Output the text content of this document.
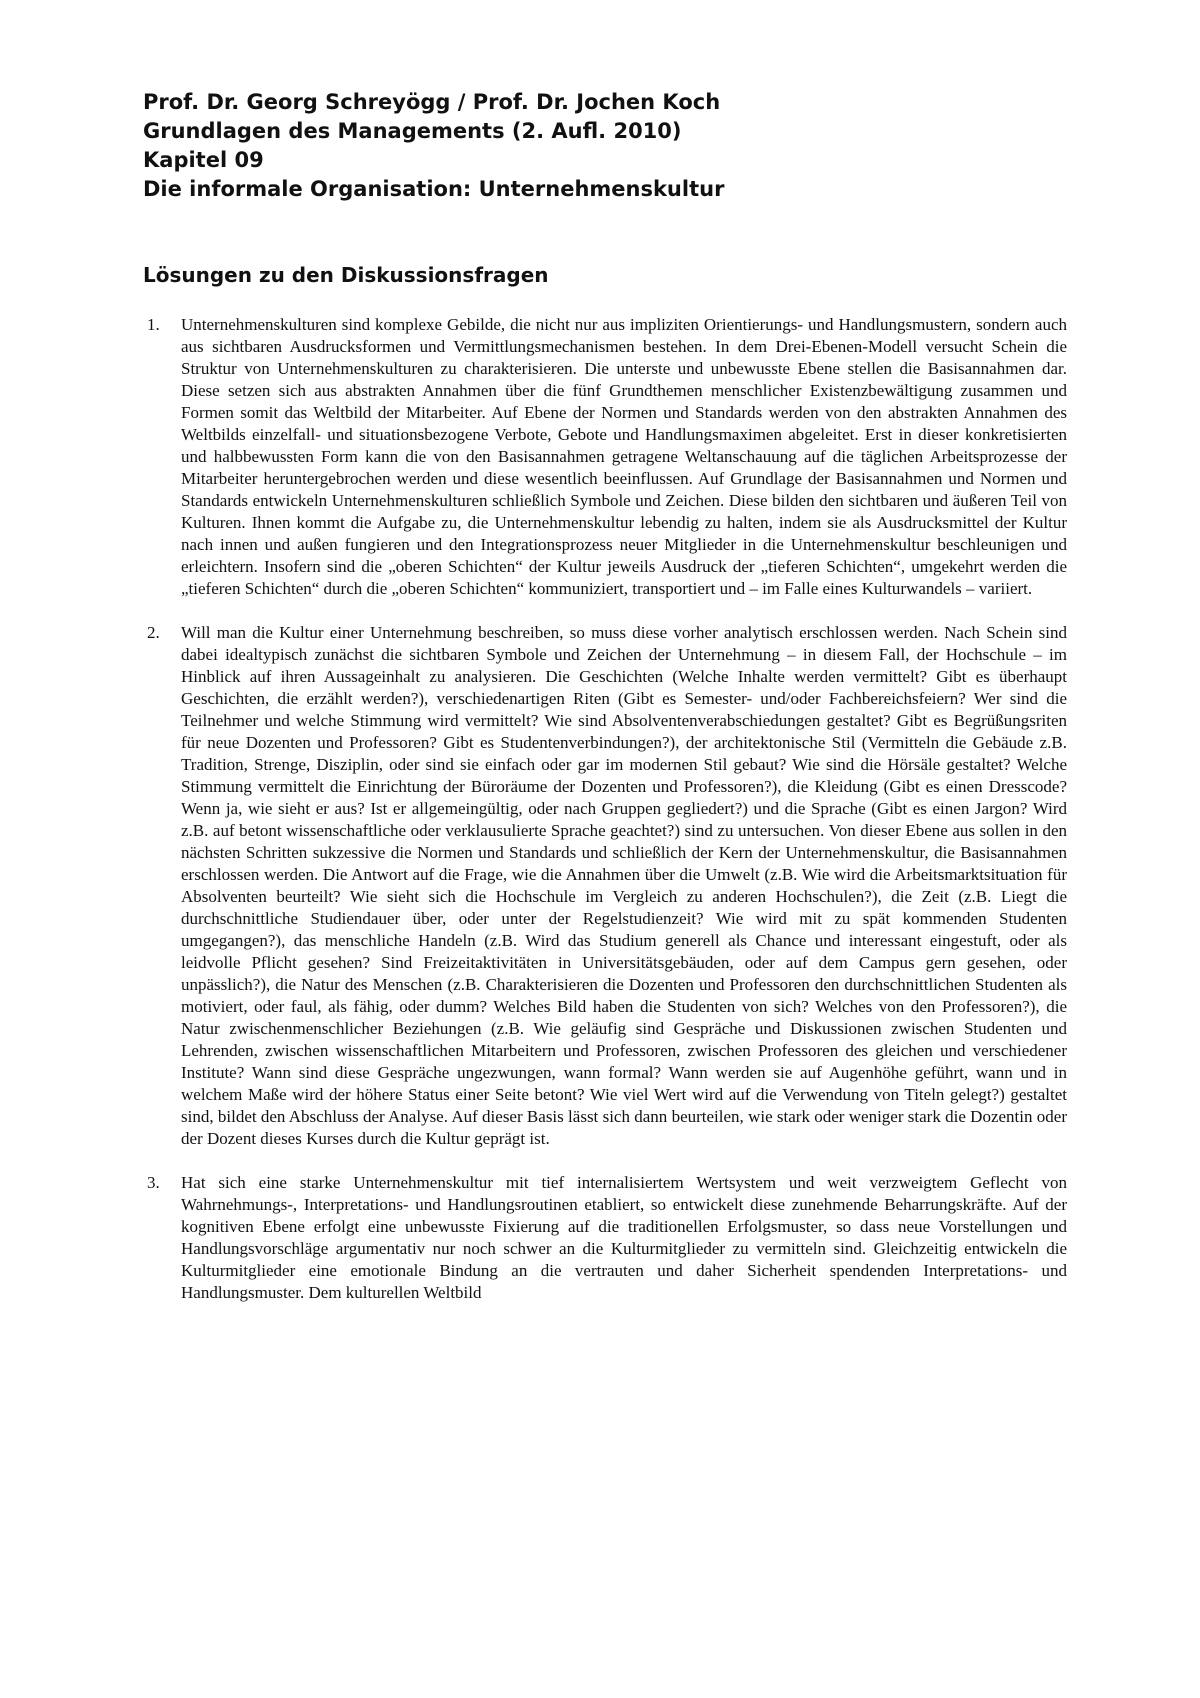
Prof. Dr. Georg Schreyögg / Prof. Dr. Jochen Koch
Grundlagen des Managements (2. Aufl. 2010)
Kapitel 09
Die informale Organisation: Unternehmenskultur
Lösungen zu den Diskussionsfragen
1. Unternehmenskulturen sind komplexe Gebilde, die nicht nur aus impliziten Orientierungs- und Handlungsmustern, sondern auch aus sichtbaren Ausdrucksformen und Vermittlungsmechanismen bestehen. In dem Drei-Ebenen-Modell versucht Schein die Struktur von Unternehmenskulturen zu charakterisieren. Die unterste und unbewusste Ebene stellen die Basisannahmen dar. Diese setzen sich aus abstrakten Annahmen über die fünf Grundthemen menschlicher Existenzbewältigung zusammen und Formen somit das Weltbild der Mitarbeiter. Auf Ebene der Normen und Standards werden von den abstrakten Annahmen des Weltbilds einzelfall- und situationsbezogene Verbote, Gebote und Handlungsmaximen abgeleitet. Erst in dieser konkretisierten und halbbewussten Form kann die von den Basisannahmen getragene Weltanschauung auf die täglichen Arbeitsprozesse der Mitarbeiter heruntergebrochen werden und diese wesentlich beeinflussen. Auf Grundlage der Basisannahmen und Normen und Standards entwickeln Unternehmenskulturen schließlich Symbole und Zeichen. Diese bilden den sichtbaren und äußeren Teil von Kulturen. Ihnen kommt die Aufgabe zu, die Unternehmenskultur lebendig zu halten, indem sie als Ausdrucksmittel der Kultur nach innen und außen fungieren und den Integrationsprozess neuer Mitglieder in die Unternehmenskultur beschleunigen und erleichtern. Insofern sind die „oberen Schichten“ der Kultur jeweils Ausdruck der „tieferen Schichten“, umgekehrt werden die „tieferen Schichten“ durch die „oberen Schichten“ kommuniziert, transportiert und – im Falle eines Kulturwandels – variiert.

2. Will man die Kultur einer Unternehmung beschreiben, so muss diese vorher analytisch erschlossen werden. Nach Schein sind dabei idealtypisch zunächst die sichtbaren Symbole und Zeichen der Unternehmung – in diesem Fall, der Hochschule – im Hinblick auf ihren Aussageinhalt zu analysieren. Die Geschichten (Welche Inhalte werden vermittelt? Gibt es überhaupt Geschichten, die erzählt werden?), verschiedenartigen Riten (Gibt es Semester- und/oder Fachbereichsfeiern? Wer sind die Teilnehmer und welche Stimmung wird vermittelt? Wie sind Absolventenverabschiedungen gestaltet? Gibt es Begrüßungsriten für neue Dozenten und Professoren? Gibt es Studentenverbindungen?), der architektonische Stil (Vermitteln die Gebäude z.B. Tradition, Strenge, Disziplin, oder sind sie einfach oder gar im modernen Stil gebaut? Wie sind die Hörsäle gestaltet? Welche Stimmung vermittelt die Einrichtung der Büroräume der Dozenten und Professoren?), die Kleidung (Gibt es einen Dresscode? Wenn ja, wie sieht er aus? Ist er allgemeingültig, oder nach Gruppen gegliedert?) und die Sprache (Gibt es einen Jargon? Wird z.B. auf betont wissenschaftliche oder verklausulierte Sprache geachtet?) sind zu untersuchen. Von dieser Ebene aus sollen in den nächsten Schritten sukzessive die Normen und Standards und schließlich der Kern der Unternehmenskultur, die Basisannahmen erschlossen werden. Die Antwort auf die Frage, wie die Annahmen über die Umwelt (z.B. Wie wird die Arbeitsmarktsituation für Absolventen beurteilt? Wie sieht sich die Hochschule im Vergleich zu anderen Hochschulen?), die Zeit (z.B. Liegt die durchschnittliche Studiendauer über, oder unter der Regelstudienzeit? Wie wird mit zu spät kommenden Studenten umgegangen?), das menschliche Handeln (z.B. Wird das Studium generell als Chance und interessant eingestuft, oder als leidvolle Pflicht gesehen? Sind Freizeitaktivitäten in Universitätsgebäuden, oder auf dem Campus gern gesehen, oder unpässlich?), die Natur des Menschen (z.B. Charakterisieren die Dozenten und Professoren den durchschnittlichen Studenten als motiviert, oder faul, als fähig, oder dumm? Welches Bild haben die Studenten von sich? Welches von den Professoren?), die Natur zwischenmenschlicher Beziehungen (z.B. Wie geläufig sind Gespräche und Diskussionen zwischen Studenten und Lehrenden, zwischen wissenschaftlichen Mitarbeitern und Professoren, zwischen Professoren des gleichen und verschiedener Institute? Wann sind diese Gespräche ungezwungen, wann formal? Wann werden sie auf Augenhöhe geführt, wann und in welchem Maße wird der höhere Status einer Seite betont? Wie viel Wert wird auf die Verwendung von Titeln gelegt?) gestaltet sind, bildet den Abschluss der Analyse. Auf dieser Basis lässt sich dann beurteilen, wie stark oder weniger stark die Dozentin oder der Dozent dieses Kurses durch die Kultur geprägt ist.

3. Hat sich eine starke Unternehmenskultur mit tief internalisiertem Wertsystem und weit verzweigtem Geflecht von Wahrnehmungs-, Interpretations- und Handlungsroutinen etabliert, so entwickelt diese zunehmende Beharrungskräfte. Auf der kognitiven Ebene erfolgt eine unbewusste Fixierung auf die traditionellen Erfolgsmuster, so dass neue Vorstellungen und Handlungsvorschläge argumentativ nur noch schwer an die Kulturmitglieder zu vermitteln sind. Gleichzeitig entwickeln die Kulturmitglieder eine emotionale Bindung an die vertrauten und daher Sicherheit spendenden Interpretations- und Handlungsmuster. Dem kulturellen Weltbild
